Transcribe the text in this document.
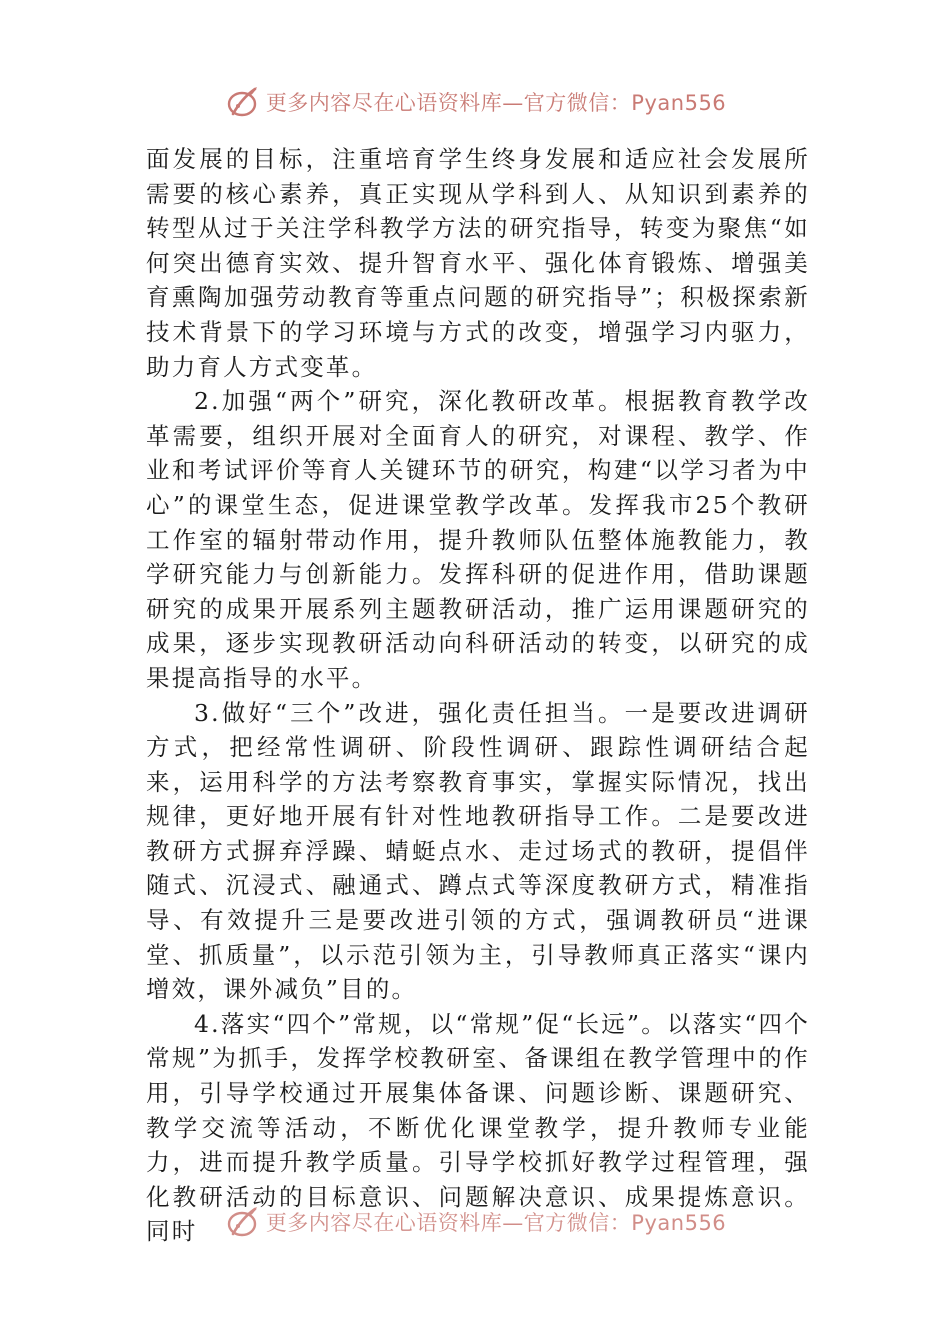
更多内容尽在心语资料库—官方微信：Pyan556

面发展的目标，注重培育学生终身发展和适应社会发展所需要的核心素养，真正实现从学科到人、从知识到素养的转型从过于关注学科教学方法的研究指导，转变为聚焦“如何突出德育实效、提升智育水平、强化体育锻炼、增强美育熏陶加强劳动教育等重点问题的研究指导”；积极探索新技术背景下的学习环境与方式的改变，增强学习内驱力，助力育人方式变革。

2.加强“两个”研究，深化教研改革。根据教育教学改革需要，组织开展对全面育人的研究，对课程、教学、作业和考试评价等育人关键环节的研究，构建“以学习者为中心”的课堂生态，促进课堂教学改革。发挥我市25个教研工作室的辐射带动作用，提升教师队伍整体施教能力，教学研究能力与创新能力。发挥科研的促进作用，借助课题研究的成果开展系列主题教研活动，推广运用课题研究的成果，逐步实现教研活动向科研活动的转变，以研究的成果提高指导的水平。

3.做好“三个”改进，强化责任担当。一是要改进调研方式，把经常性调研、阶段性调研、跟踪性调研结合起来，运用科学的方法考察教育事实，掌握实际情况，找出规律，更好地开展有针对性地教研指导工作。二是要改进教研方式摒弃浮躁、蜻蜓点水、走过场式的教研，提倡伴随式、沉浸式、融通式、蹲点式等深度教研方式，精准指导、有效提升三是要改进引领的方式，强调教研员“进课堂、抓质量”，以示范引领为主，引导教师真正落实“课内增效，课外减负”目的。

4.落实“四个”常规，以“常规”促“长远”。以落实“四个常规”为抓手，发挥学校教研室、备课组在教学管理中的作用，引导学校通过开展集体备课、问题诊断、课题研究、教学交流等活动，不断优化课堂教学，提升教师专业能力，进而提升教学质量。引导学校抓好教学过程管理，强化教研活动的目标意识、问题解决意识、成果提炼意识。同时	更多内容尽在心语资料库—官方微信：Pyan556
